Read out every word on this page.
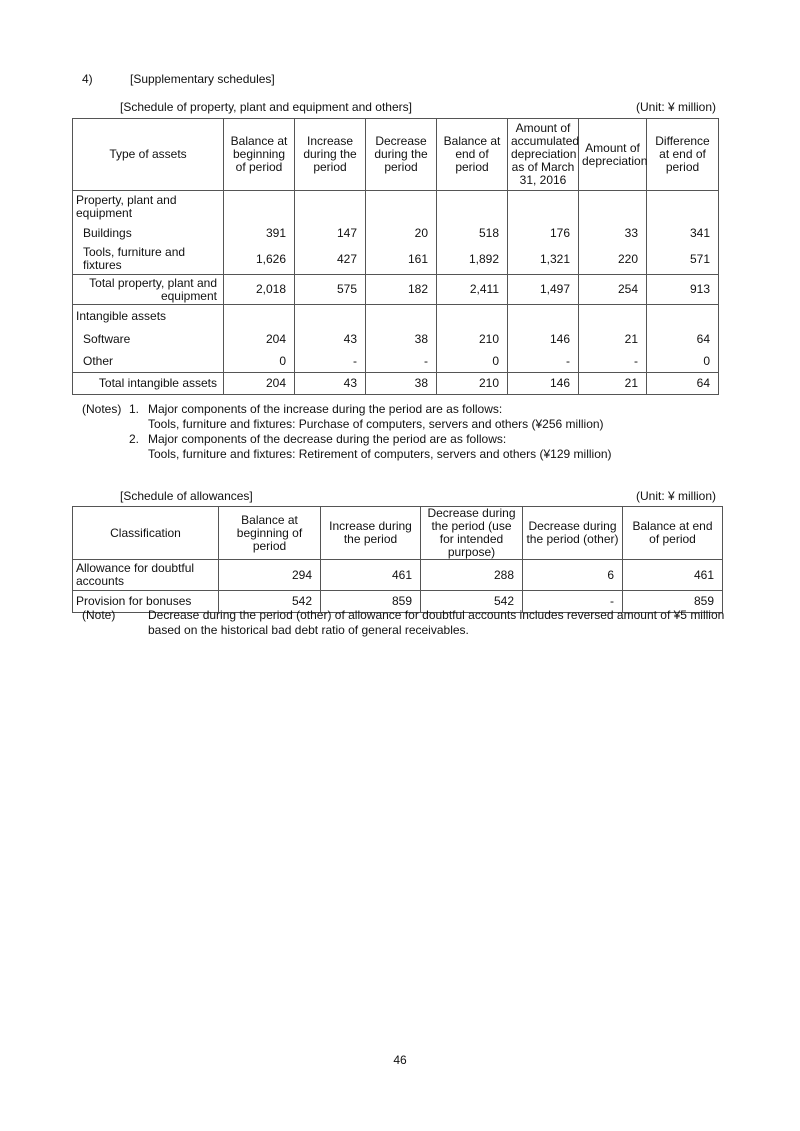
4)	[Supplementary schedules]
[Schedule of property, plant and equipment and others]	(Unit: ¥ million)
Type of assets	Balance at beginning of period	Increase during the period	Decrease during the period	Balance at end of period	Amount of accumulated depreciation as of March 31, 2016	Amount of depreciation	Difference at end of period
Property, plant and equipment							
Buildings	391	147	20	518	176	33	341
Tools, furniture and fixtures	1,626	427	161	1,892	1,321	220	571
Total property, plant and equipment	2,018	575	182	2,411	1,497	254	913
Intangible assets							
Software	204	43	38	210	146	21	64
Other	0	-	-	0	-	-	0
Total intangible assets	204	43	38	210	146	21	64
(Notes) 1. Major components of the increase during the period are as follows:
Tools, furniture and fixtures: Purchase of computers, servers and others (¥256 million)
2. Major components of the decrease during the period are as follows:
Tools, furniture and fixtures: Retirement of computers, servers and others (¥129 million)
[Schedule of allowances]	(Unit: ¥ million)
Classification	Balance at beginning of period	Increase during the period	Decrease during the period (use for intended purpose)	Decrease during the period (other)	Balance at end of period
Allowance for doubtful accounts	294	461	288	6	461
Provision for bonuses	542	859	542	-	859
(Note)	Decrease during the period (other) of allowance for doubtful accounts includes reversed amount of ¥5 million
based on the historical bad debt ratio of general receivables.
46
